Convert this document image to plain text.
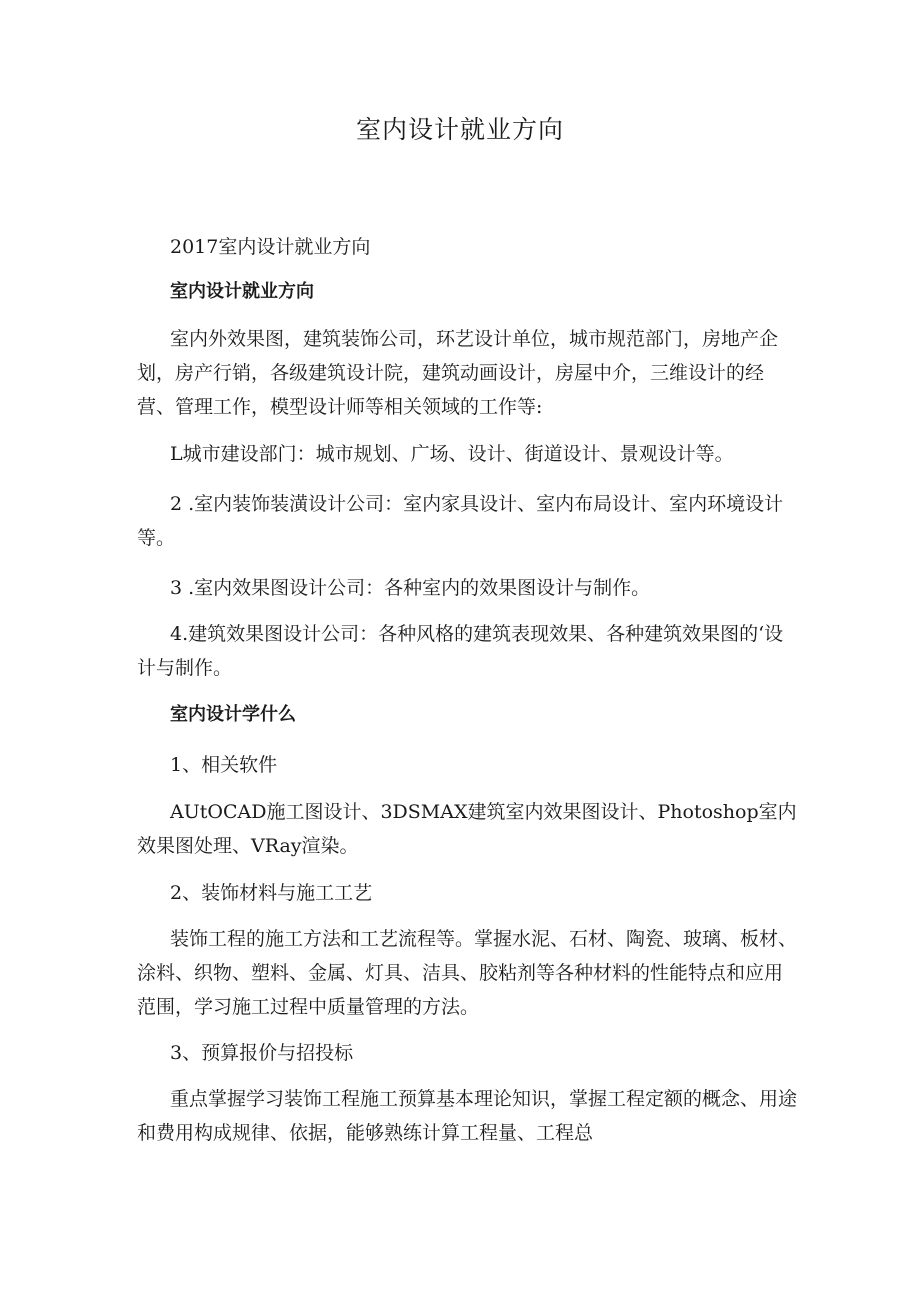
室内设计就业方向

2017室内设计就业方向

室内设计就业方向

室内外效果图，建筑装饰公司，环艺设计单位，城市规范部门，房地产企划，房产行销，各级建筑设计院，建筑动画设计，房屋中介，三维设计的经营、管理工作，模型设计师等相关领域的工作等:

L城市建设部门：城市规划、广场、设计、街道设计、景观设计等。

2 .室内装饰装潢设计公司：室内家具设计、室内布局设计、室内环境设计等。

3 .室内效果图设计公司：各种室内的效果图设计与制作。

4.建筑效果图设计公司：各种风格的建筑表现效果、各种建筑效果图的‘设计与制作。

室内设计学什么

1、相关软件

AUtOCAD施工图设计、3DSMAX建筑室内效果图设计、Photoshop室内效果图处理、VRay渲染。

2、装饰材料与施工工艺

装饰工程的施工方法和工艺流程等。掌握水泥、石材、陶瓷、玻璃、板材、涂料、织物、塑料、金属、灯具、洁具、胶粘剂等各种材料的性能特点和应用范围，学习施工过程中质量管理的方法。

3、预算报价与招投标

重点掌握学习装饰工程施工预算基本理论知识，掌握工程定额的概念、用途和费用构成规律、依据，能够熟练计算工程量、工程总
